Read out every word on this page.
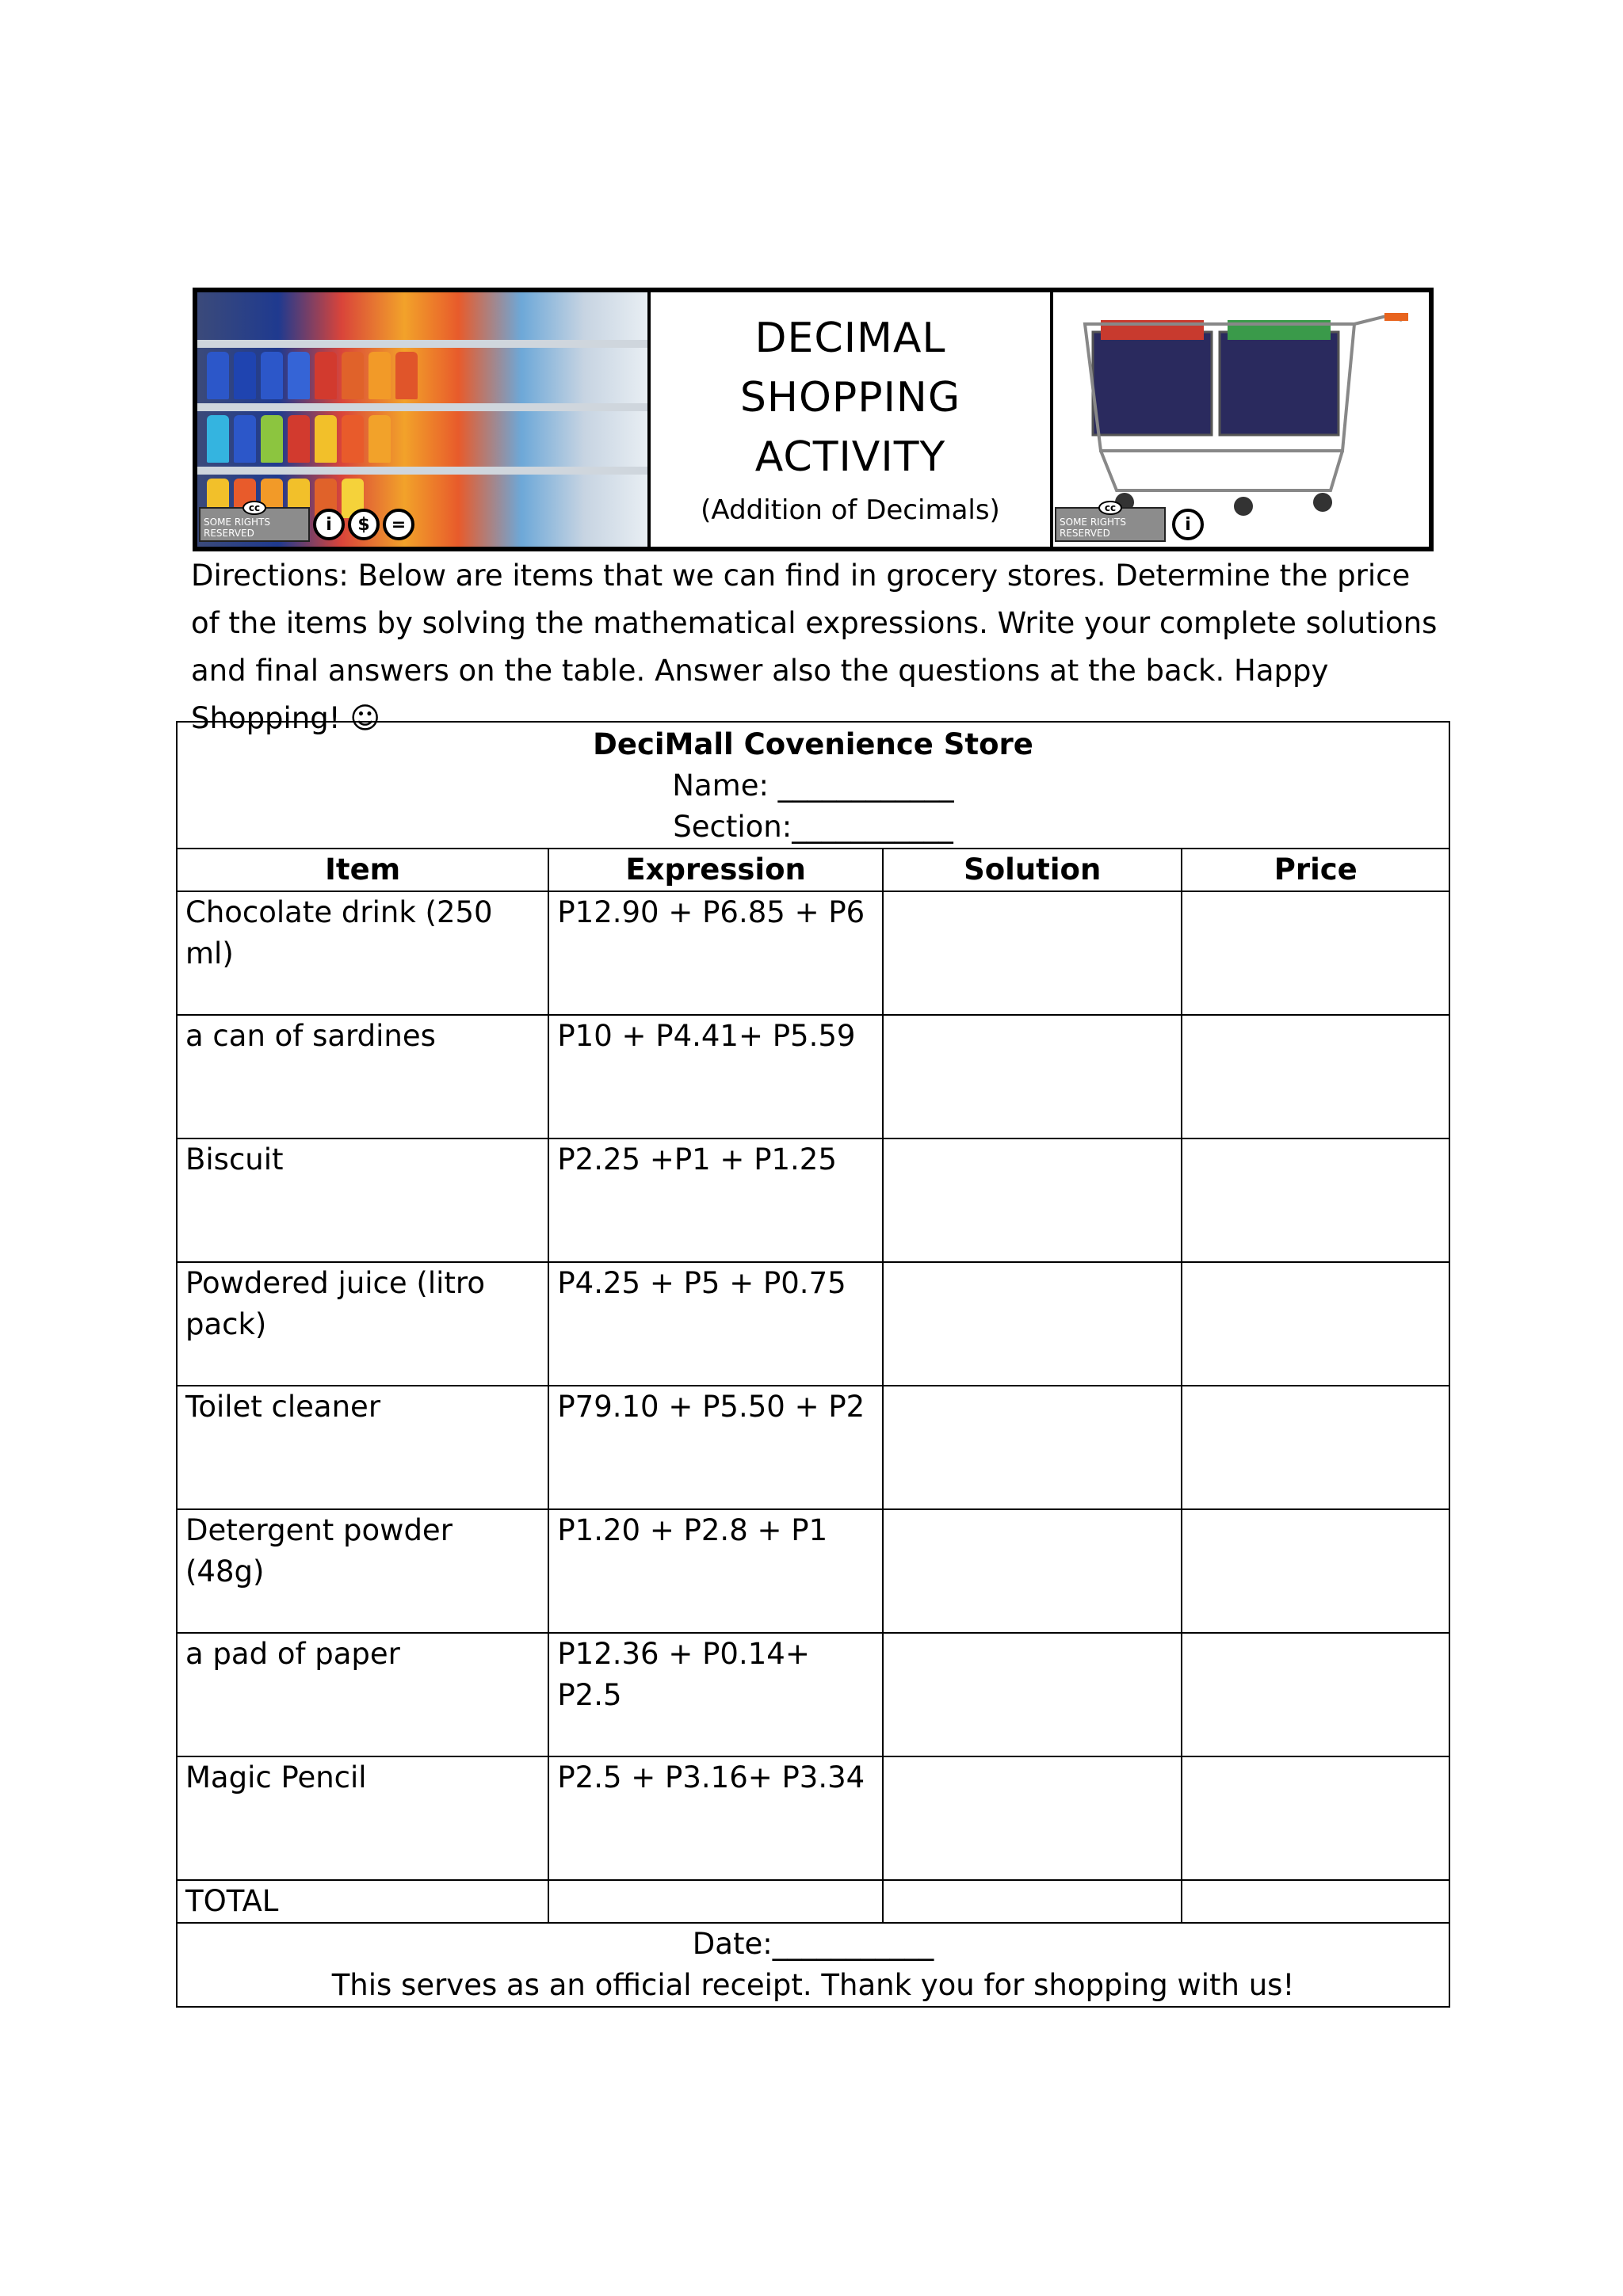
cc
SOME RIGHTS RESERVED	i	$	=
DECIMAL
SHOPPING
ACTIVITY
(Addition of Decimals)	cc
SOME RIGHTS RESERVED	i
Directions: Below are items that we can find in grocery stores. Determine the price of the items by solving the mathematical expressions. Write your complete solutions and final answers on the table. Answer also the questions at the back. Happy Shopping! ☺
DeciMall Covenience Store
Name: ____________
Section:___________			

Item	Expression	Solution	Price
Chocolate drink (250 ml)	P12.90 + P6.85 + P6		
a can of sardines	P10 + P4.41+ P5.59		
Biscuit	P2.25 +P1 + P1.25		
Powdered juice (litro pack)	P4.25 + P5 + P0.75		
Toilet cleaner	P79.10 + P5.50 + P2		
Detergent powder (48g)	P1.20 + P2.8 + P1		
a pad of paper	P12.36 + P0.14+ P2.5		
Magic Pencil	P2.5 + P3.16+ P3.34		
TOTAL			

Date:___________
This serves as an official receipt. Thank you for shopping with us!			
